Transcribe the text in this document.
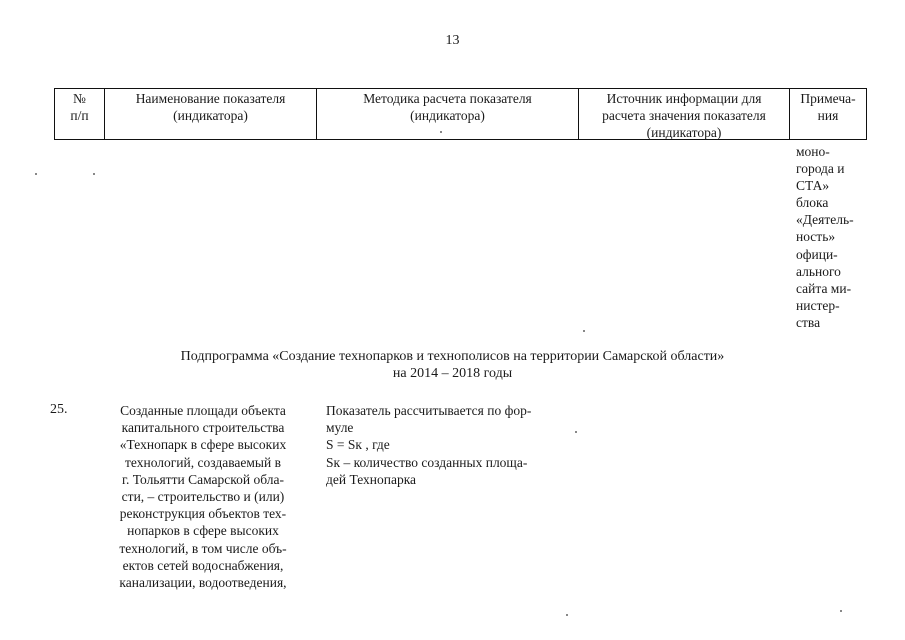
13
№
п/п
Наименование показателя
(индикатора)
Методика расчета показателя
(индикатора)
Источник информации для
расчета значения показателя
(индикатора)
Примеча-
ния
моно-
города и
СТА»
блока
«Деятель-
ность»
офици-
ального
сайта ми-
нистер-
ства
Подпрограмма «Создание технопарков и технополисов на территории Самарской области»
на 2014 – 2018 годы
25.	Созданные площади объекта
капитального строительства
«Технопарк в сфере высоких
технологий, создаваемый в
г. Тольятти Самарской обла-
сти, – строительство и (или)
реконструкция объектов тех-
нопарков в сфере высоких
технологий, в том числе объ-
ектов сетей водоснабжения,
канализации, водоотведения,
Показатель рассчитывается по фор-
муле
S = Sк , где
Sк – количество созданных площа-
дей Технопарка
